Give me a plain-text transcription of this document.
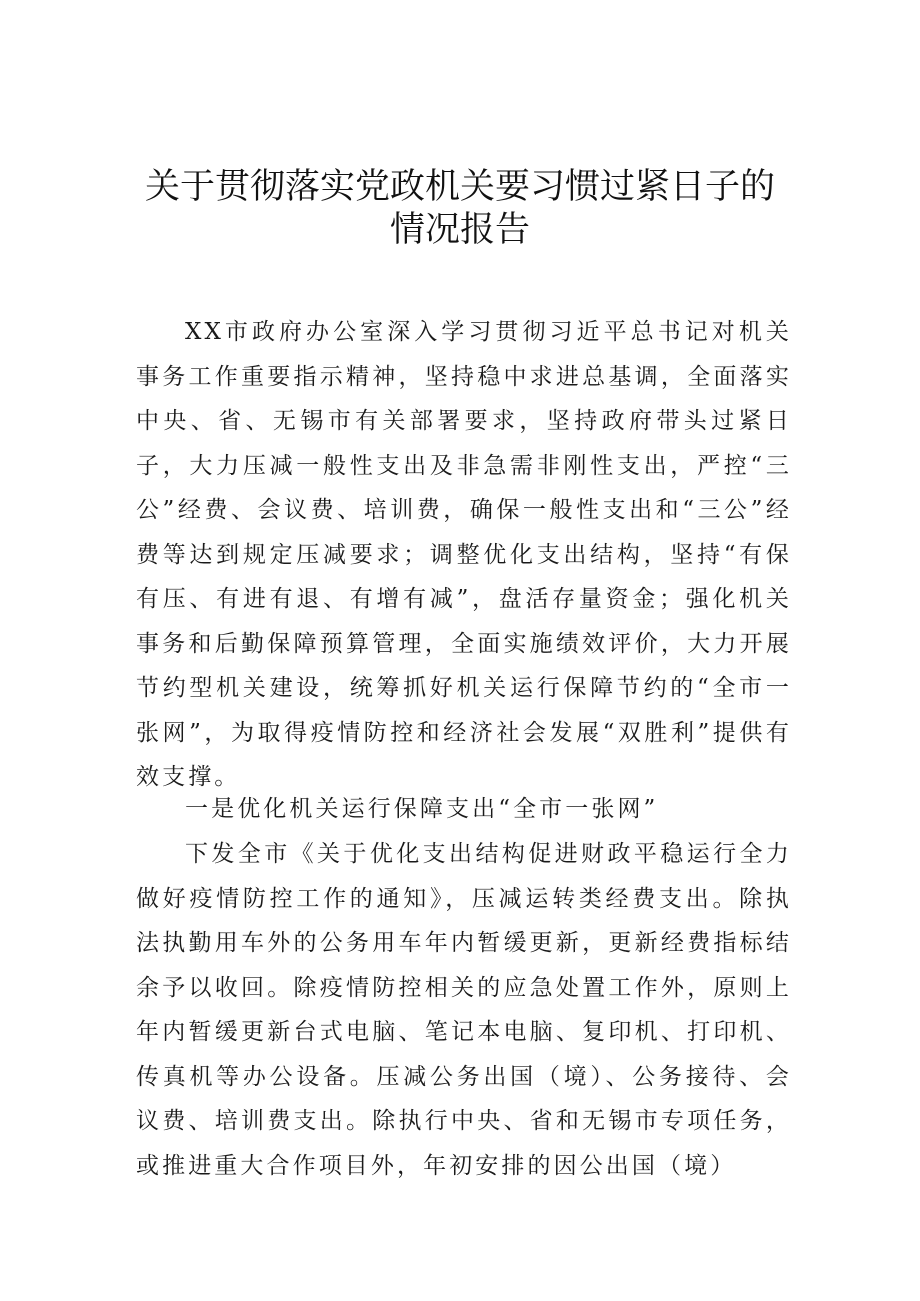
关于贯彻落实党政机关要习惯过紧日子的
情况报告

XX市政府办公室深入学习贯彻习近平总书记对机关事务工作重要指示精神，坚持稳中求进总基调，全面落实中央、省、无锡市有关部署要求，坚持政府带头过紧日子，大力压减一般性支出及非急需非刚性支出，严控“三公”经费、会议费、培训费，确保一般性支出和“三公”经费等达到规定压减要求；调整优化支出结构，坚持“有保有压、有进有退、有增有减”，盘活存量资金；强化机关事务和后勤保障预算管理，全面实施绩效评价，大力开展节约型机关建设，统筹抓好机关运行保障节约的“全市一张网”，为取得疫情防控和经济社会发展“双胜利”提供有效支撑。

一是优化机关运行保障支出“全市一张网”

下发全市《关于优化支出结构促进财政平稳运行全力做好疫情防控工作的通知》，压减运转类经费支出。除执法执勤用车外的公务用车年内暂缓更新，更新经费指标结余予以收回。除疫情防控相关的应急处置工作外，原则上年内暂缓更新台式电脑、笔记本电脑、复印机、打印机、传真机等办公设备。压减公务出国（境）、公务接待、会议费、培训费支出。除执行中央、省和无锡市专项任务，或推进重大合作项目外，年初安排的因公出国（境）
